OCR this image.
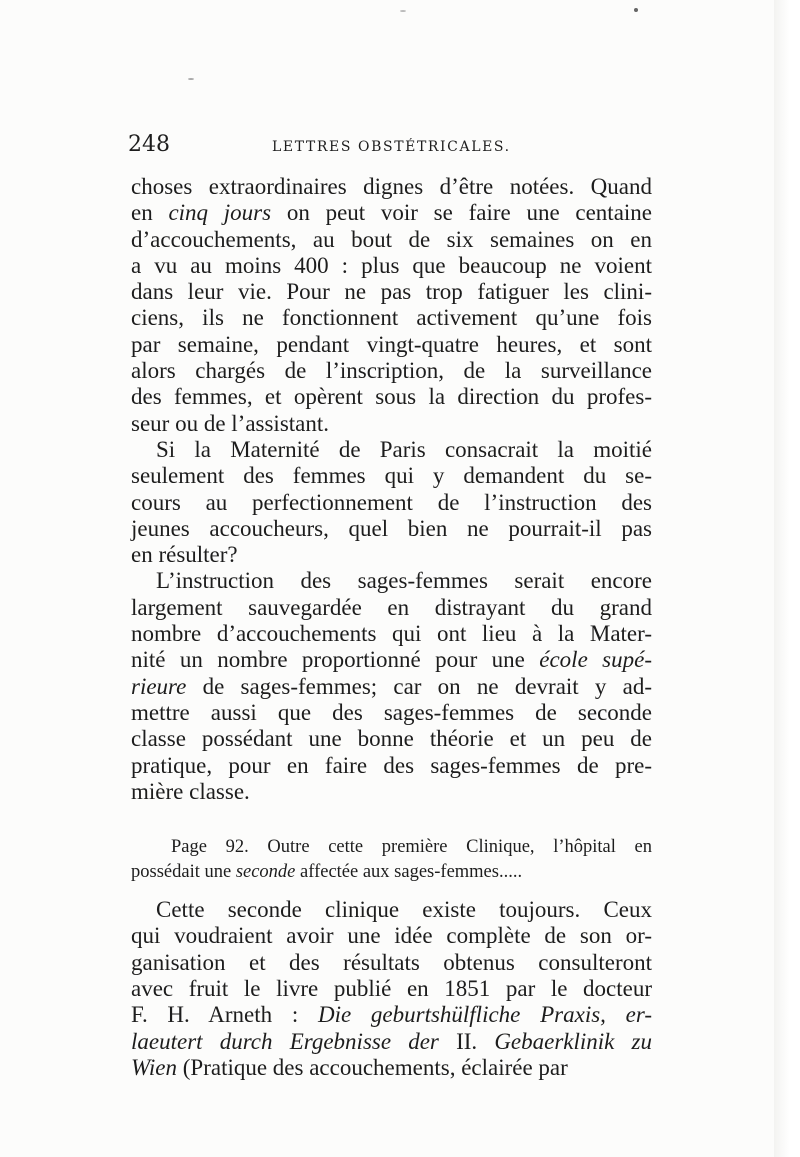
248	LETTRES OBSTÉTRICALES.

choses extraordinaires dignes d’être notées. Quand
en cinq jours on peut voir se faire une centaine
d’accouchements, au bout de six semaines on en
a vu au moins 400 : plus que beaucoup ne voient
dans leur vie. Pour ne pas trop fatiguer les clini-
ciens, ils ne fonctionnent activement qu’une fois
par semaine, pendant vingt-quatre heures, et sont
alors chargés de l’inscription, de la surveillance
des femmes, et opèrent sous la direction du profes-
seur ou de l’assistant.

Si la Maternité de Paris consacrait la moitié
seulement des femmes qui y demandent du se-
cours au perfectionnement de l’instruction des
jeunes accoucheurs, quel bien ne pourrait-il pas
en résulter?

L’instruction des sages-femmes serait encore
largement sauvegardée en distrayant du grand
nombre d’accouchements qui ont lieu à la Mater-
nité un nombre proportionné pour une école supé-
rieure de sages-femmes; car on ne devrait y ad-
mettre aussi que des sages-femmes de seconde
classe possédant une bonne théorie et un peu de
pratique, pour en faire des sages-femmes de pre-
mière classe.

Page 92. Outre cette première Clinique, l’hôpital en
possédait une seconde affectée aux sages-femmes.....

Cette seconde clinique existe toujours. Ceux
qui voudraient avoir une idée complète de son or-
ganisation et des résultats obtenus consulteront
avec fruit le livre publié en 1851 par le docteur
F. H. Arneth : Die geburtshülfliche Praxis, er-
laeutert durch Ergebnisse der II. Gebaerklinik zu
Wien (Pratique des accouchements, éclairée par
